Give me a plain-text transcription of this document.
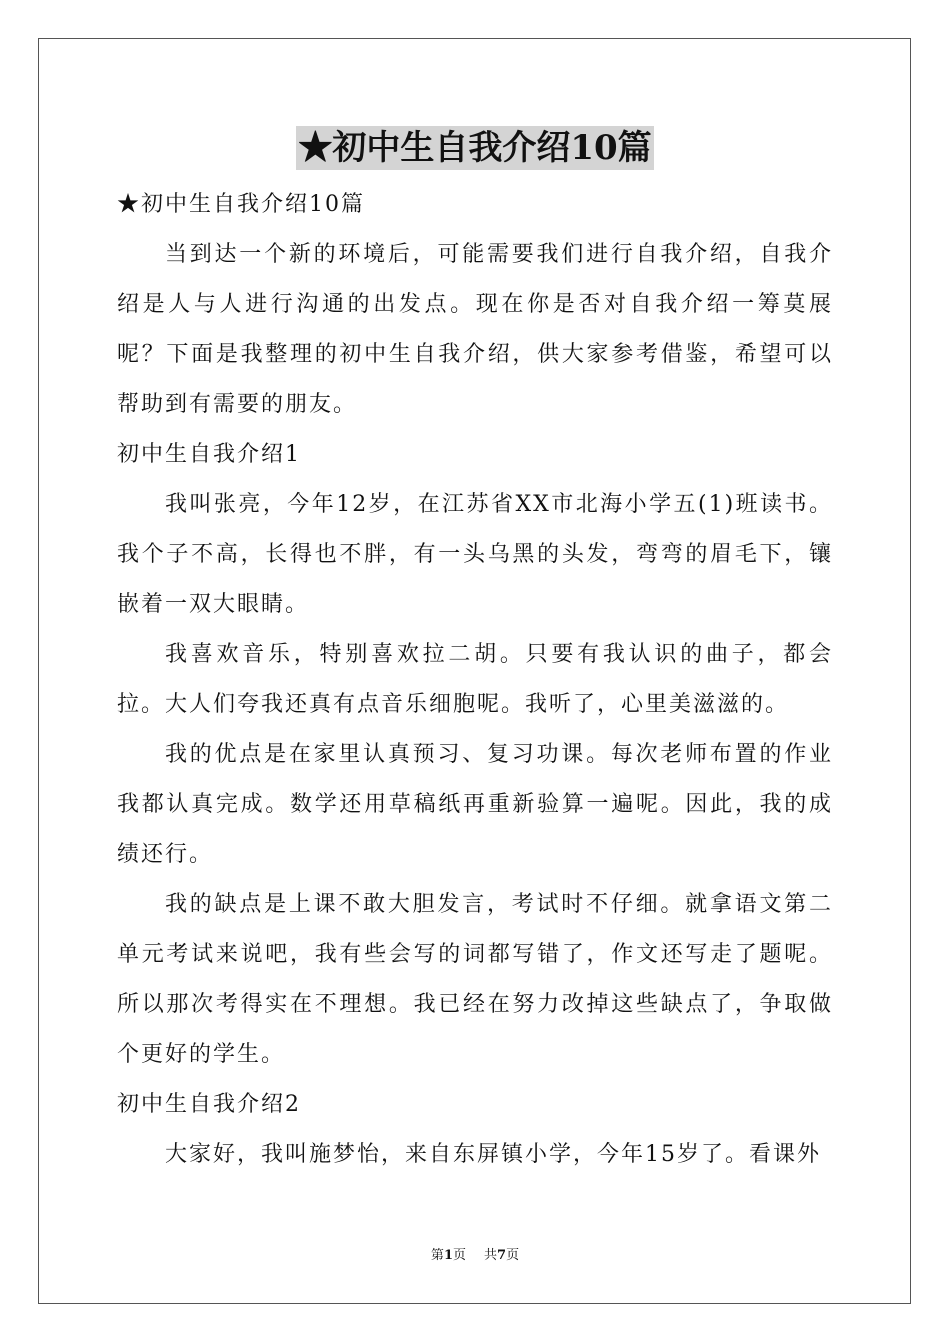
★初中生自我介绍10篇

★初中生自我介绍10篇

当到达一个新的环境后，可能需要我们进行自我介绍，自我介绍是人与人进行沟通的出发点。现在你是否对自我介绍一筹莫展呢？下面是我整理的初中生自我介绍，供大家参考借鉴，希望可以帮助到有需要的朋友。

初中生自我介绍1

我叫张亮，今年12岁，在江苏省XX市北海小学五(1)班读书。我个子不高，长得也不胖，有一头乌黑的头发，弯弯的眉毛下，镶嵌着一双大眼睛。

我喜欢音乐，特别喜欢拉二胡。只要有我认识的曲子，都会拉。大人们夸我还真有点音乐细胞呢。我听了，心里美滋滋的。

我的优点是在家里认真预习、复习功课。每次老师布置的作业我都认真完成。数学还用草稿纸再重新验算一遍呢。因此，我的成绩还行。

我的缺点是上课不敢大胆发言，考试时不仔细。就拿语文第二单元考试来说吧，我有些会写的词都写错了，作文还写走了题呢。所以那次考得实在不理想。我已经在努力改掉这些缺点了，争取做个更好的学生。

初中生自我介绍2

大家好，我叫施梦怡，来自东屏镇小学，今年15岁了。看课外

第1页 共7页
